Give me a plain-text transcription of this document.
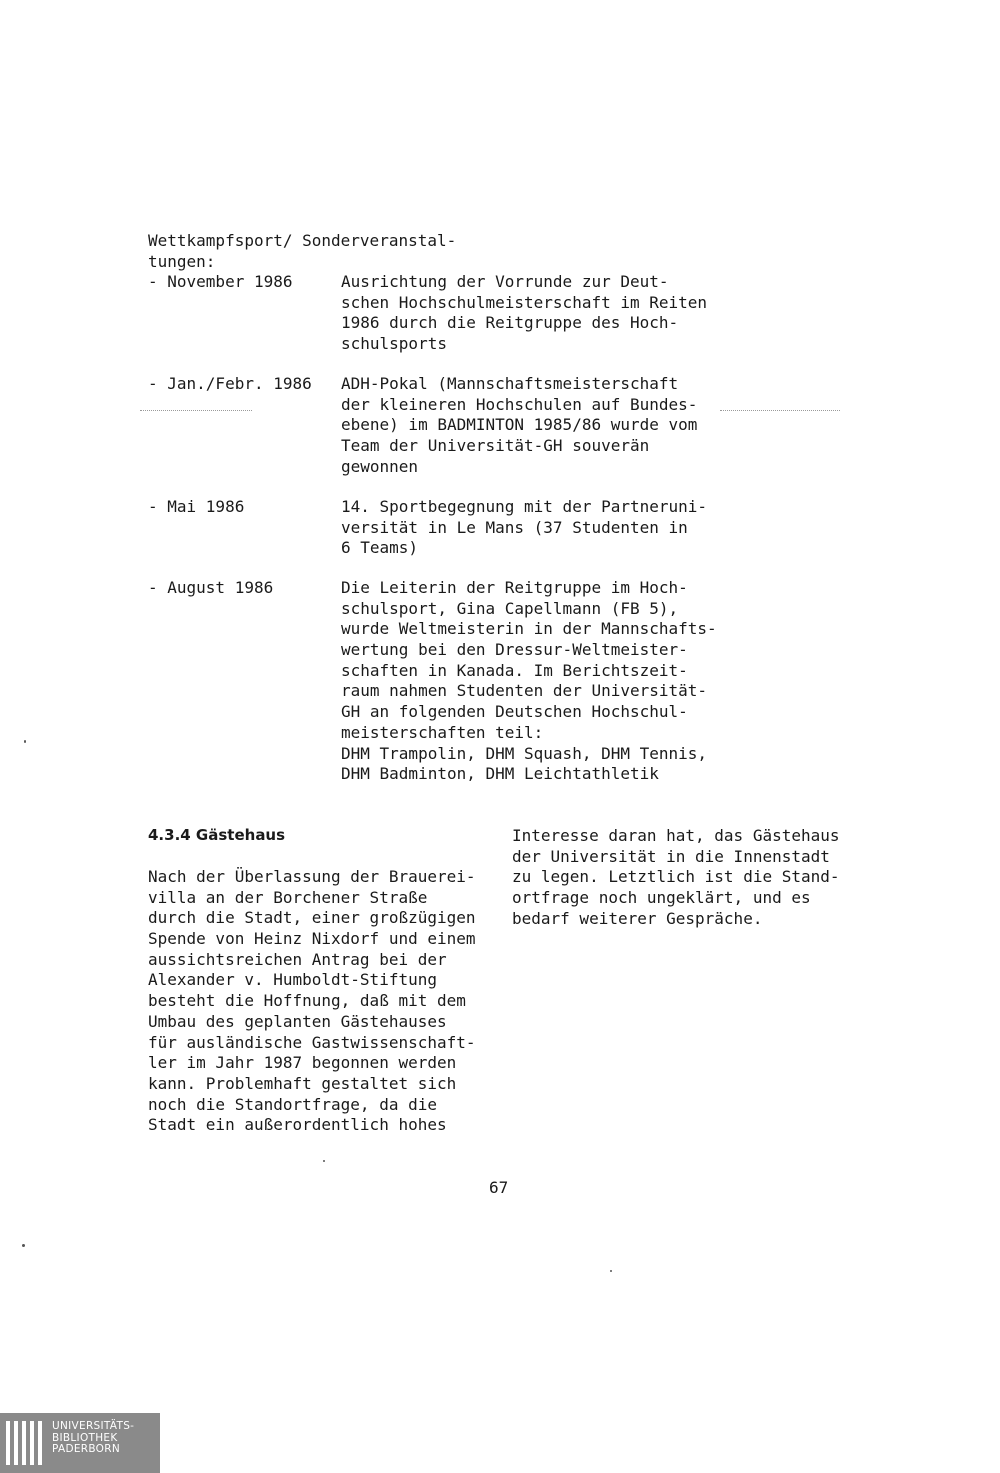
Wettkampfsport/ Sonderveranstal-
tungen:
- November 1986	Ausrichtung der Vorrunde zur Deut-
schen Hochschulmeisterschaft im Reiten
1986 durch die Reitgruppe des Hoch-
schulsports
- Jan./Febr. 1986	ADH-Pokal (Mannschaftsmeisterschaft
der kleineren Hochschulen auf Bundes-
ebene) im BADMINTON 1985/86 wurde vom
Team der Universität-GH souverän
gewonnen
- Mai 1986	14. Sportbegegnung mit der Partneruni-
versität in Le Mans (37 Studenten in
6 Teams)
- August 1986	Die Leiterin der Reitgruppe im Hoch-
schulsport, Gina Capellmann (FB 5),
wurde Weltmeisterin in der Mannschafts-
wertung bei den Dressur-Weltmeister-
schaften in Kanada. Im Berichtszeit-
raum nahmen Studenten der Universität-
GH an folgenden Deutschen Hochschul-
meisterschaften teil:
DHM Trampolin, DHM Squash, DHM Tennis,
DHM Badminton, DHM Leichtathletik
4.3.4 Gästehaus
Nach der Überlassung der Brauerei-
villa an der Borchener Straße
durch die Stadt, einer großzügigen
Spende von Heinz Nixdorf und einem
aussichtsreichen Antrag bei der
Alexander v. Humboldt-Stiftung
besteht die Hoffnung, daß mit dem
Umbau des geplanten Gästehauses
für ausländische Gastwissenschaft-
ler im Jahr 1987 begonnen werden
kann. Problemhaft gestaltet sich
noch die Standortfrage, da die
Stadt ein außerordentlich hohes
Interesse daran hat, das Gästehaus
der Universität in die Innenstadt
zu legen. Letztlich ist die Stand-
ortfrage noch ungeklärt, und es
bedarf weiterer Gespräche.
67
UNIVERSITÄTS-
BIBLIOTHEK
PADERBORN
